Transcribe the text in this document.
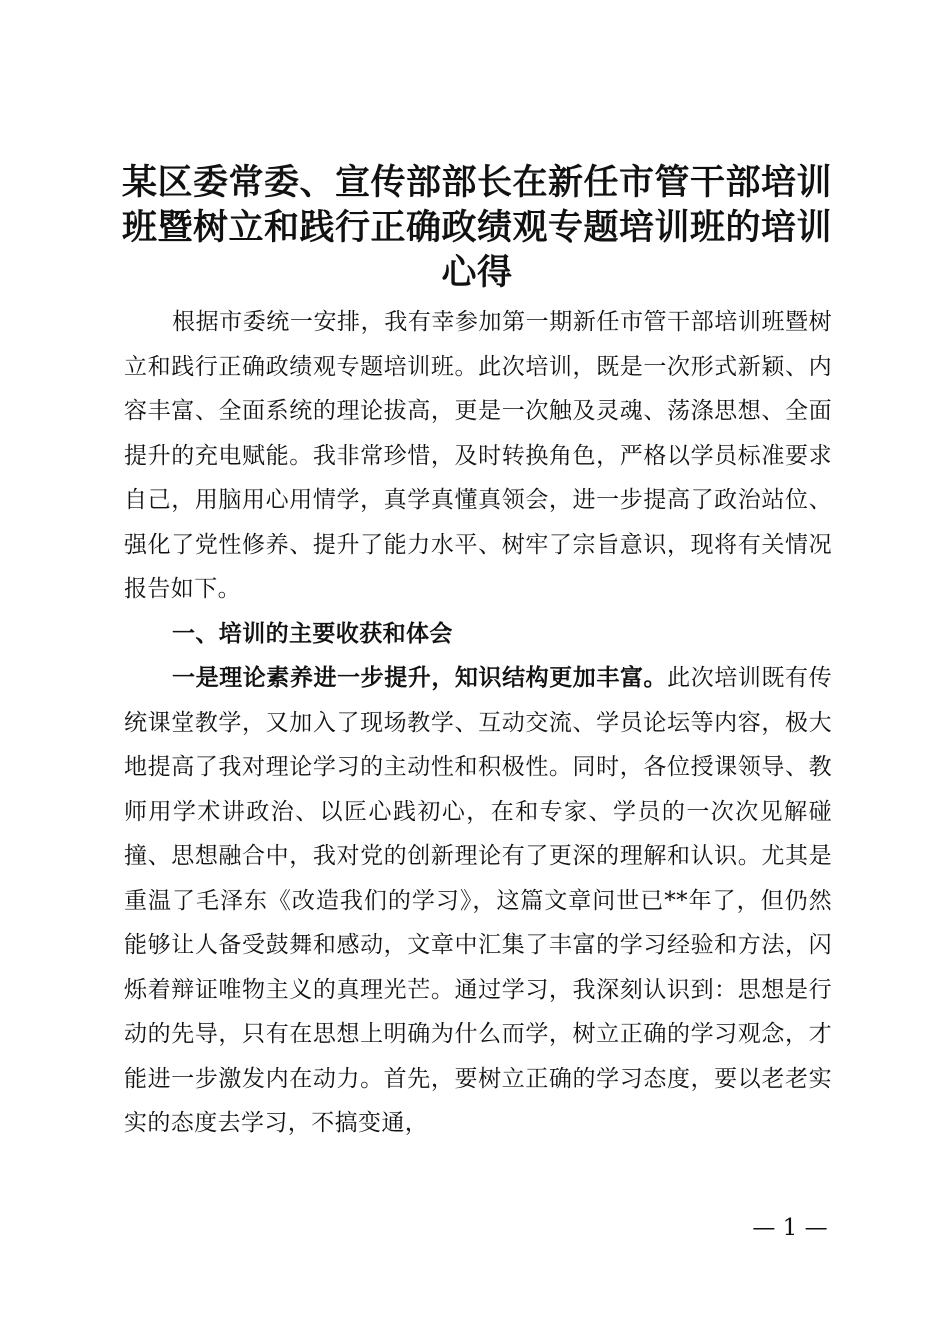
某区委常委、宣传部部长在新任市管干部培训班暨树立和践行正确政绩观专题培训班的培训心得

根据市委统一安排，我有幸参加第一期新任市管干部培训班暨树立和践行正确政绩观专题培训班。此次培训，既是一次形式新颖、内容丰富、全面系统的理论拔高，更是一次触及灵魂、荡涤思想、全面提升的充电赋能。我非常珍惜，及时转换角色，严格以学员标准要求自己，用脑用心用情学，真学真懂真领会，进一步提高了政治站位、强化了党性修养、提升了能力水平、树牢了宗旨意识，现将有关情况报告如下。

一、培训的主要收获和体会

一是理论素养进一步提升，知识结构更加丰富。此次培训既有传统课堂教学，又加入了现场教学、互动交流、学员论坛等内容，极大地提高了我对理论学习的主动性和积极性。同时，各位授课领导、教师用学术讲政治、以匠心践初心，在和专家、学员的一次次见解碰撞、思想融合中，我对党的创新理论有了更深的理解和认识。尤其是重温了毛泽东《改造我们的学习》，这篇文章问世已**年了，但仍然能够让人备受鼓舞和感动，文章中汇集了丰富的学习经验和方法，闪烁着辩证唯物主义的真理光芒。通过学习，我深刻认识到：思想是行动的先导，只有在思想上明确为什么而学，树立正确的学习观念，才能进一步激发内在动力。首先，要树立正确的学习态度，要以老老实实的态度去学习，不搞变通，

— 1 —
